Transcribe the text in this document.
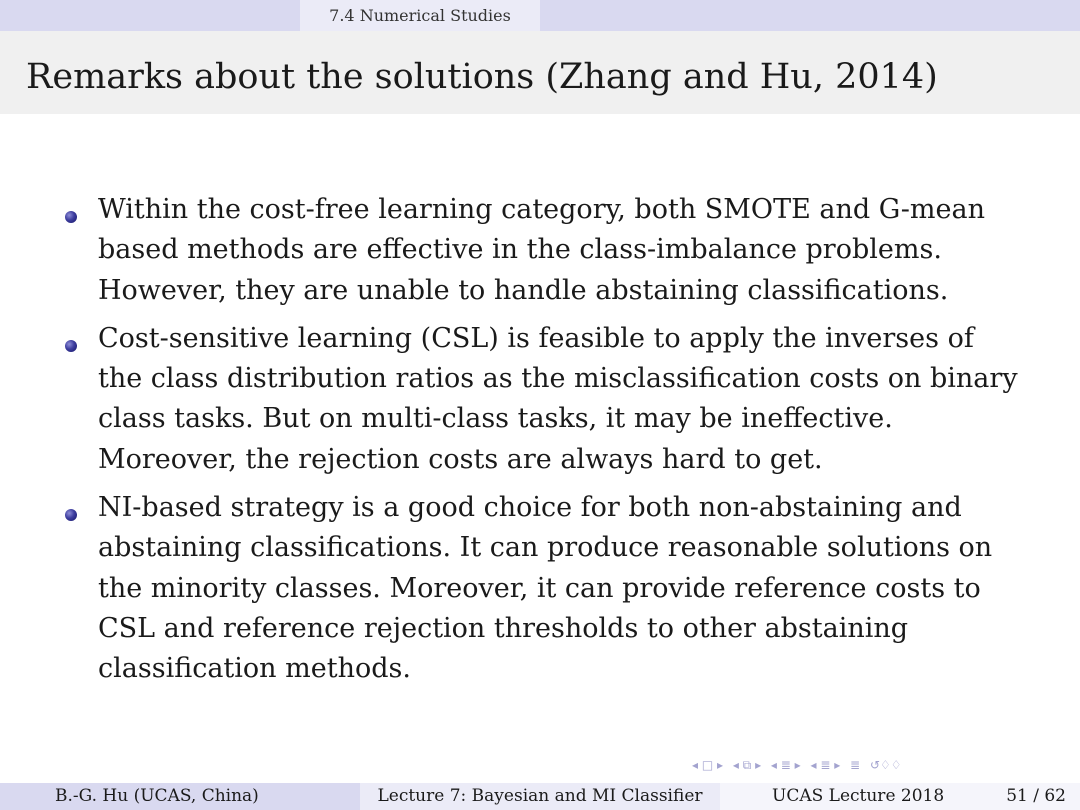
7.4 Numerical Studies
Remarks about the solutions (Zhang and Hu, 2014)
Within the cost-free learning category, both SMOTE and G-mean
based methods are effective in the class-imbalance problems.
However, they are unable to handle abstaining classifications.
Cost-sensitive learning (CSL) is feasible to apply the inverses of
the class distribution ratios as the misclassification costs on binary
class tasks. But on multi-class tasks, it may be ineffective.
Moreover, the rejection costs are always hard to get.
NI-based strategy is a good choice for both non-abstaining and
abstaining classifications. It can produce reasonable solutions on
the minority classes. Moreover, it can provide reference costs to
CSL and reference rejection thresholds to other abstaining
classification methods.
◂ □ ▸ ◂ ⧉ ▸ ◂ ≣ ▸ ◂ ≣ ▸ ≣ ↺♢♢
B.-G. Hu (UCAS, China)	Lecture 7: Bayesian and MI Classifier	UCAS Lecture 2018	51 / 62
